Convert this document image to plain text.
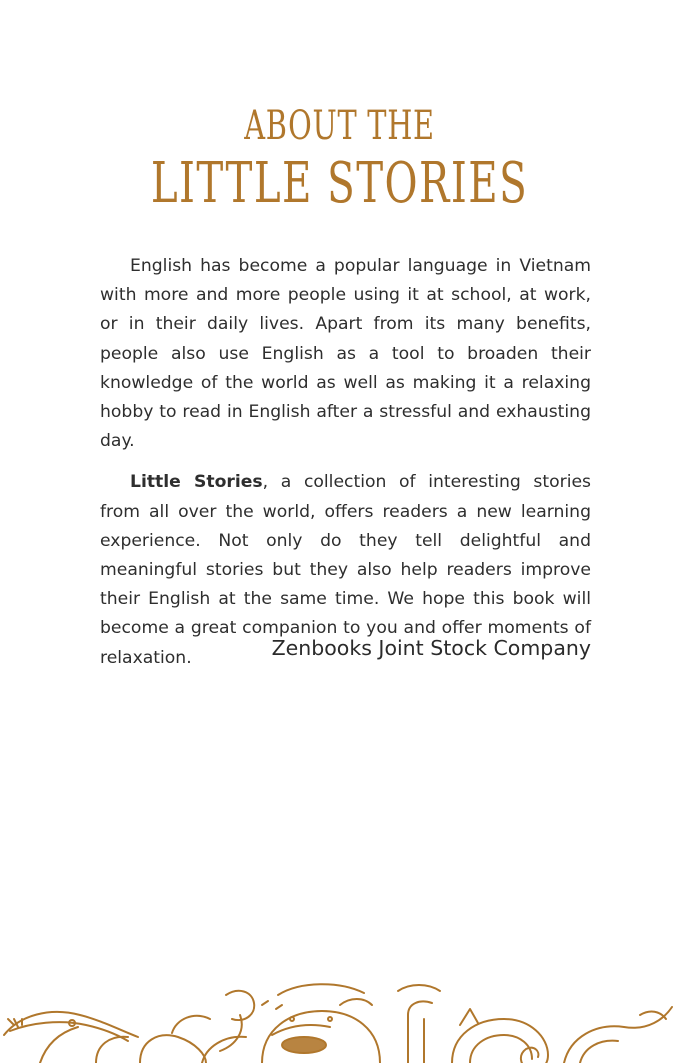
ABOUT THE
LITTLE STORIES

English has become a popular language in Vietnam with more and more people using it at school, at work, or in their daily lives. Apart from its many benefits, people also use English as a tool to broaden their knowledge of the world as well as making it a relaxing hobby to read in English after a stressful and exhausting day.

Little Stories, a collection of interesting stories from all over the world, offers readers a new learning experience. Not only do they tell delightful and meaningful stories but they also help readers improve their English at the same time. We hope this book will become a great companion to you and offer moments of relaxation.	Zenbooks Joint Stock Company
